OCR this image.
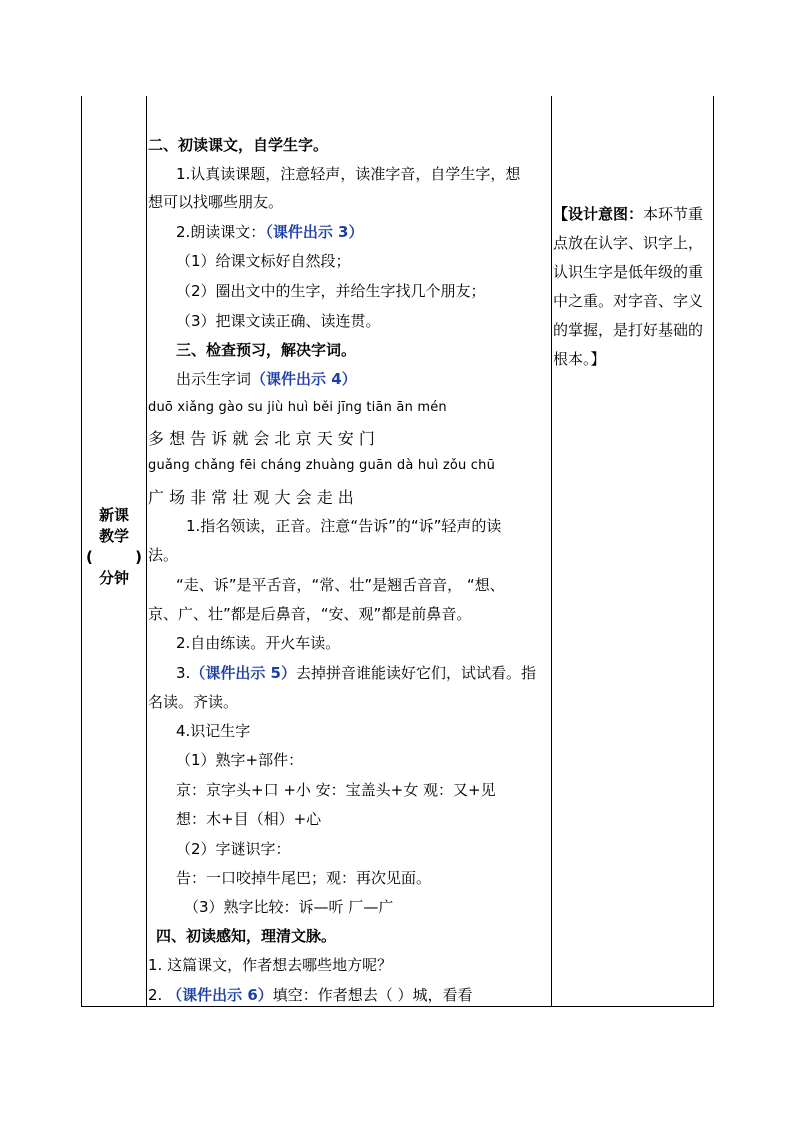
新课
教学
(	)
分钟
二、初读课文，自学生字。
1.认真读课题，注意轻声，读准字音，自学生字，想
想可以找哪些朋友。
2.朗读课文：（课件出示 3）
（1）给课文标好自然段；
（2）圈出文中的生字，并给生字找几个朋友；
（3）把课文读正确、读连贯。
三、检查预习，解决字词。
出示生字词（课件出示 4）
duō xiǎng gào su jiù huì běi jīng tiān ān mén
多 想 告 诉 就 会 北 京 天 安 门
guǎng chǎng fēi cháng zhuàng guān dà huì zǒu chū
广 场 非 常 壮 观 大 会 走 出
1.指名领读，正音。注意“告诉”的“诉”轻声的读
法。
“走、诉”是平舌音，“常、壮”是翘舌音音， “想、
京、广、壮”都是后鼻音，“安、观”都是前鼻音。
2.自由练读。开火车读。
3.（课件出示 5）去掉拼音谁能读好它们，试试看。指
名读。齐读。
4.识记生字
（1）熟字+部件：
京：京字头+口 +小 安：宝盖头+女 观：又+见
想：木+目（相）+心
（2）字谜识字：
告：一口咬掉牛尾巴；观：再次见面。
（3）熟字比较：诉—听 厂—广
四、初读感知，理清文脉。
1. 这篇课文，作者想去哪些地方呢？
2. （课件出示 6）填空：作者想去（ ）城，看看
【设计意图：本环节重点放在认字、识字上，认识生字是低年级的重中之重。对字音、字义的掌握，是打好基础的根本。】
